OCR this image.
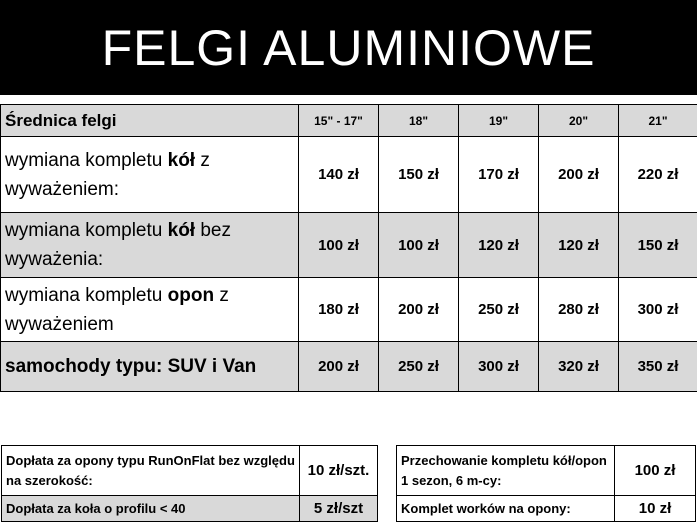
FELGI ALUMINIOWE
Średnica felgi	15" - 17"	18"	19"	20"	21"
wymiana kompletu kół z wyważeniem:	140 zł	150 zł	170 zł	200 zł	220 zł
wymiana kompletu kół bez wyważenia:	100 zł	100 zł	120 zł	120 zł	150 zł
wymiana kompletu opon z wyważeniem	180 zł	200 zł	250 zł	280 zł	300 zł
samochody typu: SUV i Van	200 zł	250 zł	300 zł	320 zł	350 zł
Dopłata za opony typu RunOnFlat bez względu na szerokość:	10 zł/szt.
Dopłata za koła o profilu < 40	5 zł/szt
Przechowanie kompletu kół/opon 1 sezon, 6 m-cy:	100 zł
Komplet worków na opony:	10 zł
